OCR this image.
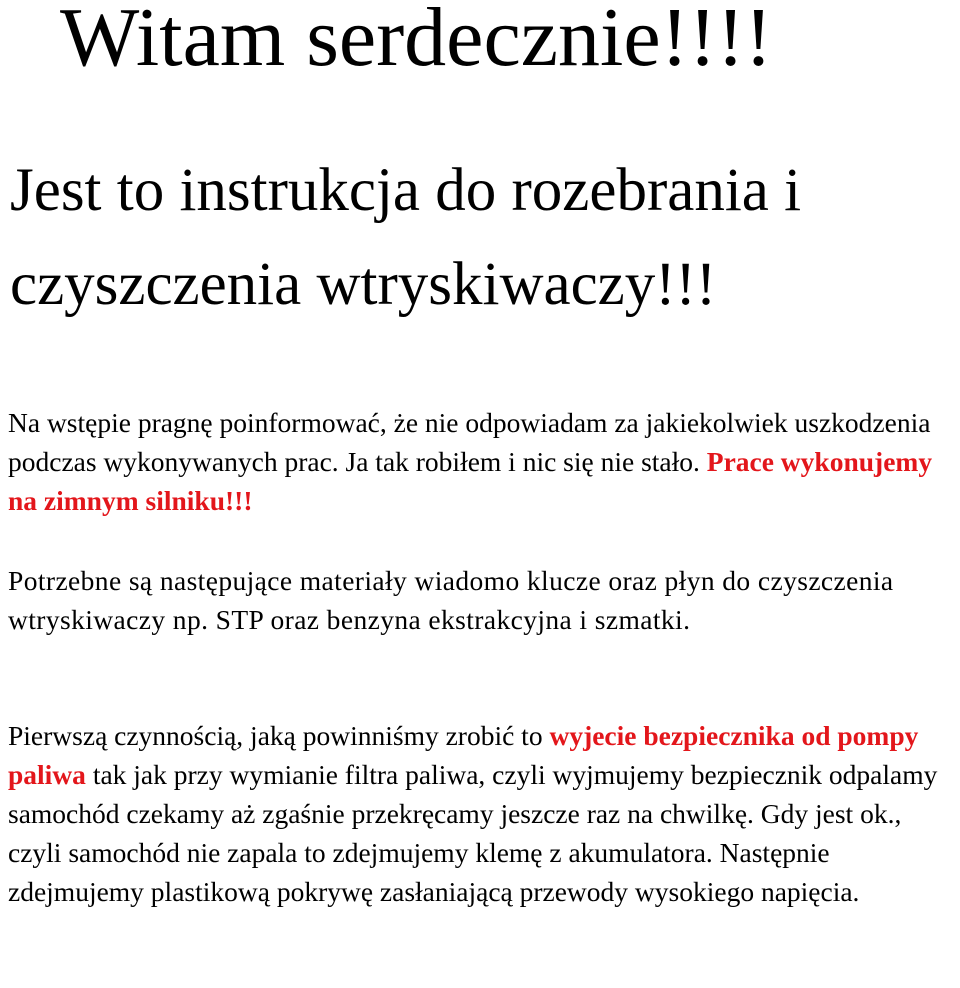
Witam serdecznie!!!!
Jest to instrukcja do rozebrania i czyszczenia wtryskiwaczy!!!

Na wstępie pragnę poinformować, że nie odpowiadam za jakiekolwiek uszkodzenia podczas wykonywanych prac. Ja tak robiłem i nic się nie stało. Prace wykonujemy na zimnym silniku!!!

Potrzebne są następujące materiały wiadomo klucze oraz płyn do czyszczenia wtryskiwaczy np. STP oraz benzyna ekstrakcyjna i szmatki.

Pierwszą czynnością, jaką powinniśmy zrobić to wyjecie bezpiecznika od pompy paliwa tak jak przy wymianie filtra paliwa, czyli wyjmujemy bezpiecznik odpalamy samochód czekamy aż zgaśnie przekręcamy jeszcze raz na chwilkę. Gdy jest ok., czyli samochód nie zapala to zdejmujemy klemę z akumulatora. Następnie zdejmujemy plastikową pokrywę zasłaniającą przewody wysokiego napięcia.
